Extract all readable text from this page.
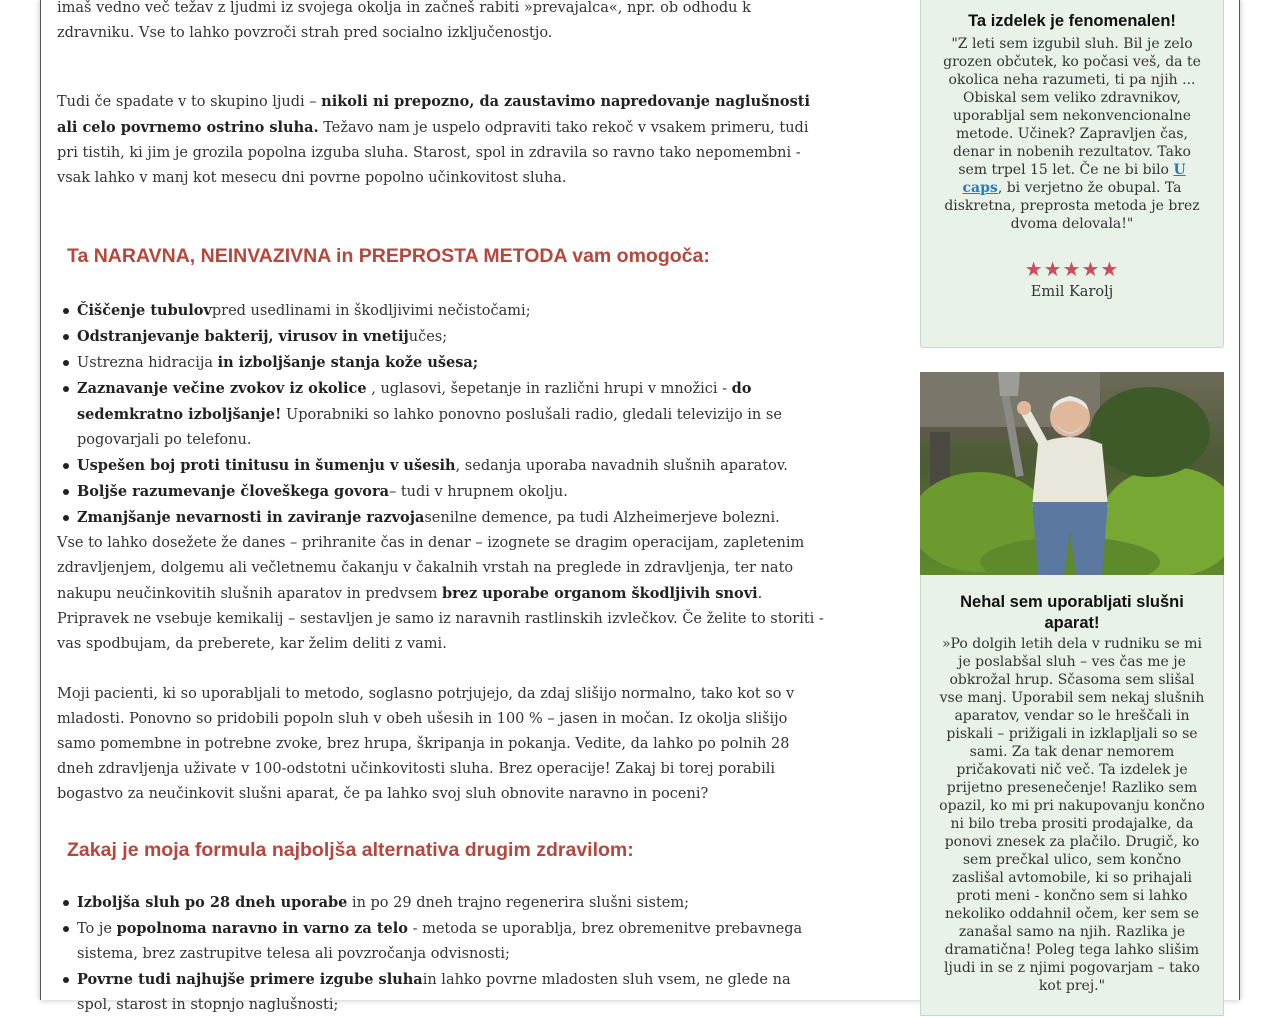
imaš vedno več težav z ljudmi iz svojega okolja in začneš rabiti »prevajalca«, npr. ob odhodu k zdravniku. Vse to lahko povzroči strah pred socialno izključenostjo.

Tudi če spadate v to skupino ljudi – nikoli ni prepozno, da zaustavimo napredovanje naglušnosti ali celo povrnemo ostrino sluha. Težavo nam je uspelo odpraviti tako rekoč v vsakem primeru, tudi pri tistih, ki jim je grozila popolna izguba sluha. Starost, spol in zdravila so ravno tako nepomembni - vsak lahko v manj kot mesecu dni povrne popolno učinkovitost sluha.

Ta NARAVNA, NEINVAZIVNA in PREPROSTA METODA vam omogoča:
Čiščenje tubulovpred usedlinami in škodljivimi nečistočami;
Odstranjevanje bakterij, virusov in vnetijučes;
Ustrezna hidracija in izboljšanje stanja kože ušesa;
Zaznavanje večine zvokov iz okolice , uglasovi, šepetanje in različni hrupi v množici - do sedemkratno izboljšanje! Uporabniki so lahko ponovno poslušali radio, gledali televizijo in se pogovarjali po telefonu.
Uspešen boj proti tinitusu in šumenju v ušesih, sedanja uporaba navadnih slušnih aparatov.
Boljše razumevanje človeškega govora– tudi v hrupnem okolju.
Zmanjšanje nevarnosti in zaviranje razvojasenilne demence, pa tudi Alzheimerjeve bolezni.

Vse to lahko dosežete že danes – prihranite čas in denar – izognete se dragim operacijam, zapletenim zdravljenjem, dolgemu ali večletnemu čakanju v čakalnih vrstah na preglede in zdravljenja, ter nato nakupu neučinkovitih slušnih aparatov in predvsem brez uporabe organom škodljivih snovi. Pripravek ne vsebuje kemikalij – sestavljen je samo iz naravnih rastlinskih izvlečkov. Če želite to storiti - vas spodbujam, da preberete, kar želim deliti z vami.

Moji pacienti, ki so uporabljali to metodo, soglasno potrjujejo, da zdaj slišijo normalno, tako kot so v mladosti. Ponovno so pridobili popoln sluh v obeh ušesih in 100 % – jasen in močan. Iz okolja slišijo samo pomembne in potrebne zvoke, brez hrupa, škripanja in pokanja. Vedite, da lahko po polnih 28 dneh zdravljenja uživate v 100-odstotni učinkovitosti sluha. Brez operacije! Zakaj bi torej porabili bogastvo za neučinkovit slušni aparat, če pa lahko svoj sluh obnovite naravno in poceni?

Zakaj je moja formula najboljša alternativa drugim zdravilom:
Izboljša sluh po 28 dneh uporabe in po 29 dneh trajno regenerira slušni sistem;
To je popolnoma naravno in varno za telo - metoda se uporablja, brez obremenitve prebavnega sistema, brez zastrupitve telesa ali povzročanja odvisnosti;
Povrne tudi najhujše primere izgube sluhain lahko povrne mladosten sluh vsem, ne glede na spol, starost in stopnjo naglušnosti;
Ta izdelek je fenomenalen!

"Z leti sem izgubil sluh. Bil je zelo grozen občutek, ko počasi veš, da te okolica neha razumeti, ti pa njih ... Obiskal sem veliko zdravnikov, uporabljal sem nekonvencionalne metode. Učinek? Zapravljen čas, denar in nobenih rezultatov. Tako sem trpel 15 let. Če ne bi bilo U caps, bi verjetno že obupal. Ta diskretna, preprosta metoda je brez dvoma delovala!"

★★★★★
Emil Karolj
Nehal sem uporabljati slušni aparat!

»Po dolgih letih dela v rudniku se mi je poslabšal sluh – ves čas me je obkrožal hrup. Sčasoma sem slišal vse manj. Uporabil sem nekaj slušnih aparatov, vendar so le hreščali in piskali – prižigali in izklapljali so se sami. Za tak denar nemorem pričakovati nič več. Ta izdelek je prijetno presenečenje! Razliko sem opazil, ko mi pri nakupovanju končno ni bilo treba prositi prodajalke, da ponovi znesek za plačilo. Drugič, ko sem prečkal ulico, sem končno zaslišal avtomobile, ki so prihajali proti meni - končno sem si lahko nekoliko oddahnil očem, ker sem se zanašal samo na njih. Razlika je dramatična! Poleg tega lahko slišim ljudi in se z njimi pogovarjam – tako kot prej."
